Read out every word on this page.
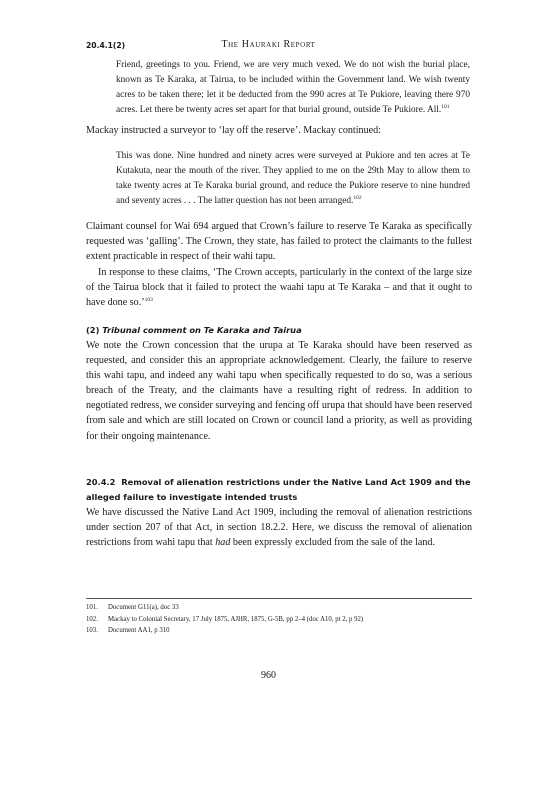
20.4.1(2)	The Hauraki Report

Friend, greetings to you. Friend, we are very much vexed. We do not wish the burial place, known as Te Karaka, at Tairua, to be included within the Government land. We wish twenty acres to be taken there; let it be deducted from the 990 acres at Te Pukiore, leaving there 970 acres. Let there be twenty acres set apart for that burial ground, outside Te Pukiore. All.$^{101}$

Mackay instructed a surveyor to ‘lay off the reserve’. Mackay continued:

This was done. Nine hundred and ninety acres were surveyed at Pukiore and ten acres at Te Kutakuta, near the mouth of the river. They applied to me on the 29th May to allow them to take twenty acres at Te Karaka burial ground, and reduce the Pukiore reserve to nine hundred and seventy acres . . . The latter question has not been arranged.$^{102}$

Claimant counsel for Wai 694 argued that Crown’s failure to reserve Te Karaka as specifically requested was ‘galling’. The Crown, they state, has failed to protect the claimants to the fullest extent practicable in respect of their wahi tapu.

In response to these claims, ‘The Crown accepts, particularly in the context of the large size of the Tairua block that it failed to protect the waahi tapu at Te Karaka – and that it ought to have done so.’$^{103}$

(2) Tribunal comment on Te Karaka and Tairua

We note the Crown concession that the urupa at Te Karaka should have been reserved as requested, and consider this an appropriate acknowledgement. Clearly, the failure to reserve this wahi tapu, and indeed any wahi tapu when specifically requested to do so, was a serious breach of the Treaty, and the claimants have a resulting right of redress. In addition to negotiated redress, we consider surveying and fencing off urupa that should have been reserved from sale and which are still located on Crown or council land a priority, as well as providing for their ongoing maintenance.

20.4.2 Removal of alienation restrictions under the Native Land Act 1909 and the alleged failure to investigate intended trusts

We have discussed the Native Land Act 1909, including the removal of alienation restrictions under section 207 of that Act, in section 18.2.2. Here, we discuss the removal of alienation restrictions from wahi tapu that had been expressly excluded from the sale of the land.

101.	Document G11(a), doc 33
102.	Mackay to Colonial Secretary, 17 July 1875, AJHR, 1875, G-5B, pp 2–4 (doc A10, pt 2, p 92)
103.	Document AA1, p 310
960
